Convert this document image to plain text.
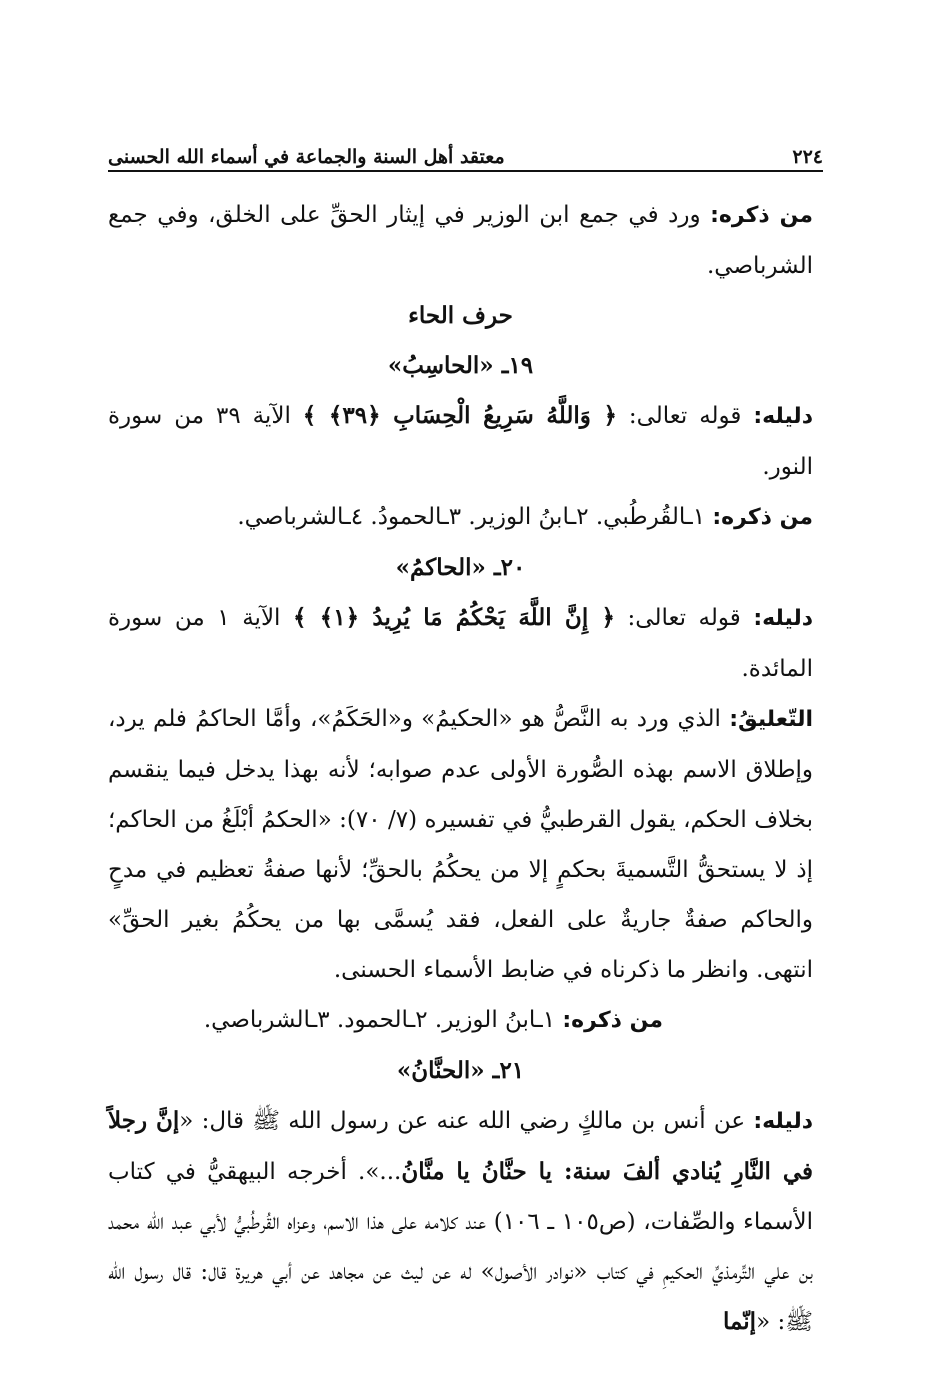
٢٢٤
معتقد أهل السنة والجماعة في أسماء الله الحسنى

من ذكره: ورد في جمع ابن الوزير في إيثار الحقِّ على الخلق، وفي جمع الشرباصي.

حرف الحاء

١٩ـ «الحاسِبُ»

دليله: قوله تعالى: ﴿ وَاللَّهُ سَرِيعُ الْحِسَابِ ﴿٣٩﴾ ﴾ الآية ٣٩ من سورة النور.

من ذكره: ١ـالقُرطُبي. ٢ـابنُ الوزير. ٣ـالحمودُ. ٤ـالشرباصي.

٢٠ـ «الحاكمُ»

دليله: قوله تعالى: ﴿ إِنَّ اللَّهَ يَحْكُمُ مَا يُرِيدُ ﴿١﴾ ﴾ الآية ١ من سورة المائدة.

التّعليقُ: الذي ورد به النَّصُّ هو «الحكيمُ» و«الحَكَمُ»، وأمَّا الحاكمُ فلم يرد، وإطلاق الاسم بهذه الصُّورة الأولى عدم صوابه؛ لأنه بهذا يدخل فيما ينقسم بخلاف الحكم، يقول القرطبيُّ في تفسيره (٧/ ٧٠): «الحكمُ أبْلَغُ من الحاكم؛ إذ لا يستحقُّ التَّسميةَ بحكمٍ إلا من يحكُمُ بالحقِّ؛ لأنها صفةُ تعظيم في مدحٍ والحاكم صفةٌ جاريةٌ على الفعل، فقد يُسمَّى بها من يحكُمُ بغير الحقِّ» انتهى. وانظر ما ذكرناه في ضابط الأسماء الحسنى.

من ذكره: ١ـابنُ الوزير. ٢ـالحمود. ٣ـالشرباصي.

٢١ـ «الحنَّانُ»

دليله: عن أنس بن مالكٍ رضي الله عنه عن رسول الله ﷺ قال: «إنَّ رجلاً في النَّارِ يُنادي ألفَ سنة: يا حنَّانُ يا منَّانُ...». أخرجه البيهقيُّ في كتاب الأسماء والصِّفات، (ص١٠٥ ـ ١٠٦) عند كلامه على هذا الاسم، وعزاه القُرطُبيُّ لأبي عبد الله محمد بن علي التِّرمذيِّ الحكيمِ في كتاب «نوادر الأصول» له عن ليث عن مجاهد عن أبي هريرة قال: قال رسول الله ﷺ: «إنّما
